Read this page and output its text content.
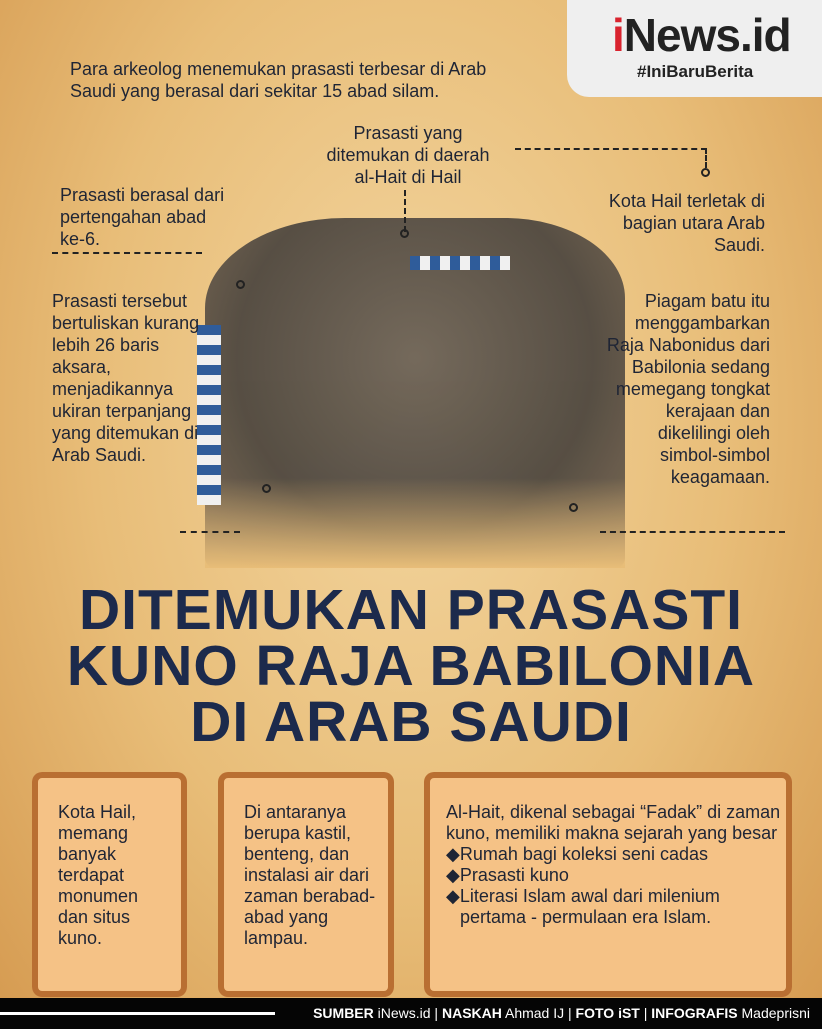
iNews.id
#IniBaruBerita
Para arkeolog menemukan prasasti terbesar di Arab Saudi yang berasal dari sekitar 15 abad silam.
Prasasti yang ditemukan di daerah al-Hait di Hail
Kota Hail terletak di bagian utara Arab Saudi.
Prasasti berasal dari pertengahan abad ke-6.
Prasasti tersebut bertuliskan kurang lebih 26 baris aksara, menjadikannya ukiran terpanjang yang ditemukan di Arab Saudi.
Piagam batu itu menggambarkan Raja Nabonidus dari Babilonia sedang memegang tongkat kerajaan dan dikelilingi oleh simbol-simbol keagamaan.
DITEMUKAN PRASASTI
KUNO RAJA BABILONIA
DI ARAB SAUDI
Kota Hail, memang banyak terdapat monumen dan situs kuno.
Di antaranya berupa kastil, benteng, dan instalasi air dari zaman berabad-abad yang lampau.
Al-Hait, dikenal sebagai “Fadak” di zaman kuno, memiliki makna sejarah yang besar
◆Rumah bagi koleksi seni cadas
◆Prasasti kuno
◆Literasi Islam awal dari milenium pertama - permulaan era Islam.
SUMBER iNews.id | NASKAH Ahmad IJ | FOTO iST | INFOGRAFIS Madeprisni
